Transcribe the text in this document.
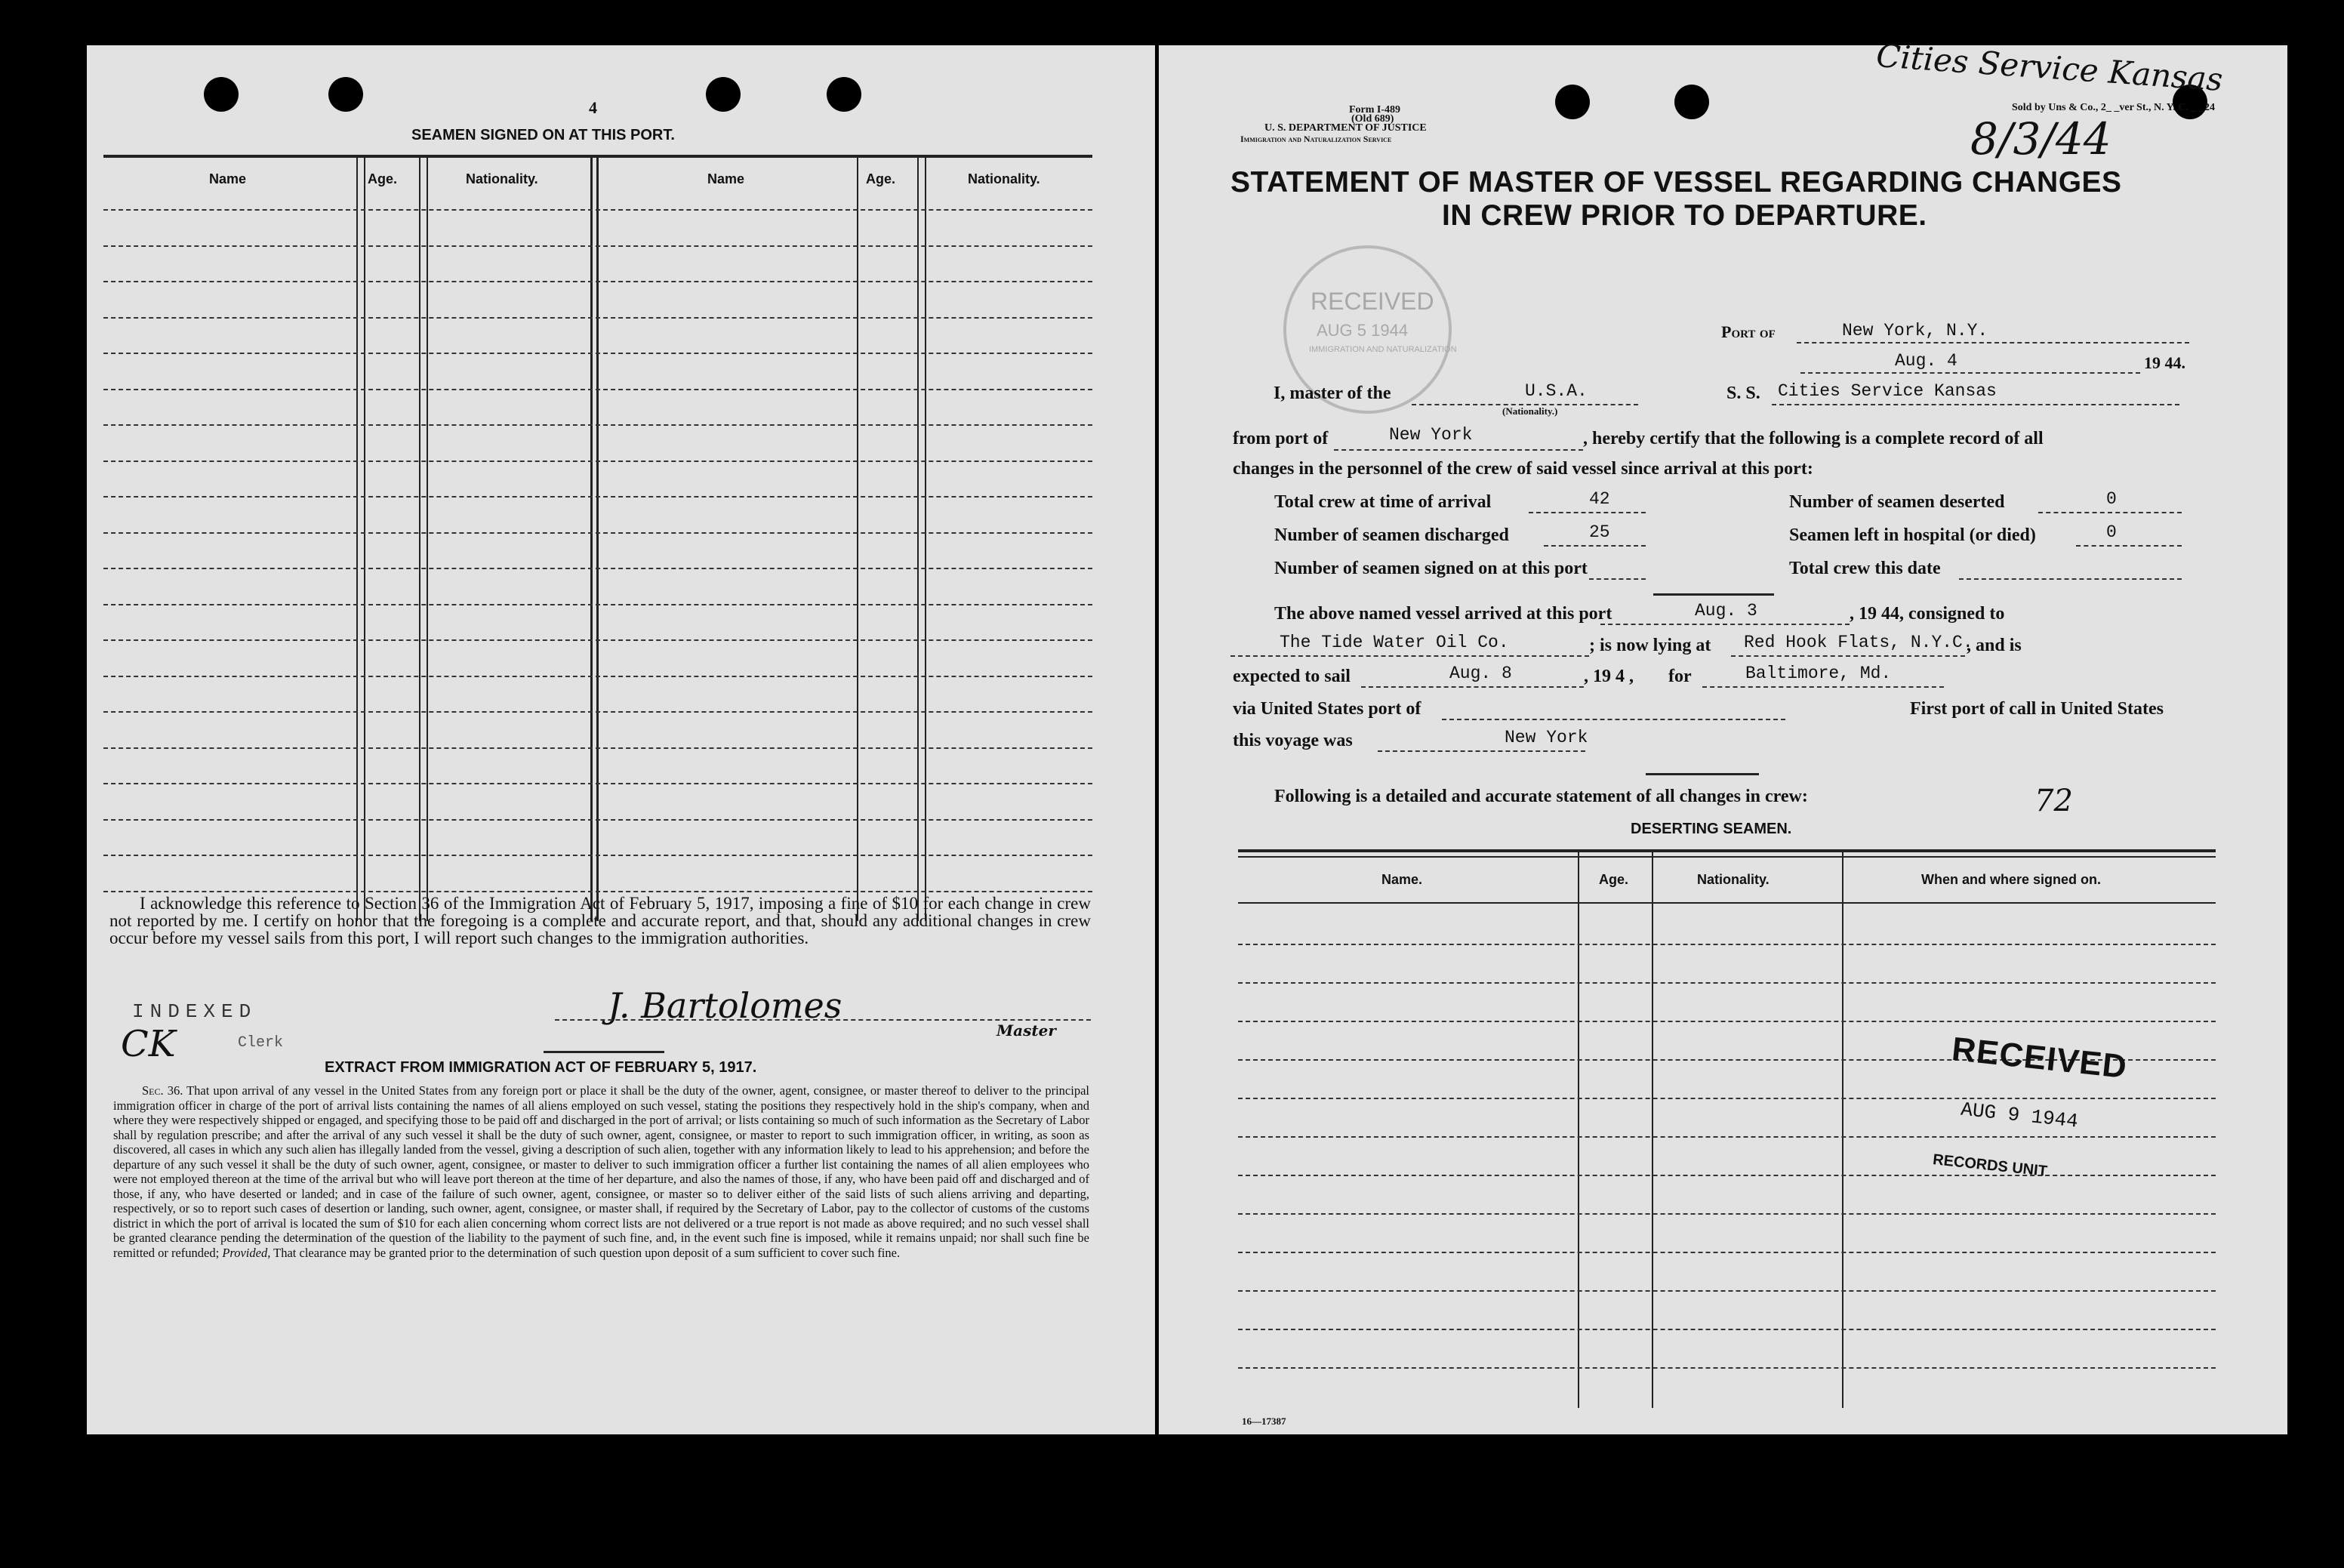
4
SEAMEN SIGNED ON AT THIS PORT.
Name	Age.	Nationality.	Name	Age.	Nationality.
I acknowledge this reference to Section 36 of the Immigration Act of February 5, 1917, imposing a fine of $10 for each change in crew not reported by me. I certify on honor that the foregoing is a complete and accurate report, and that, should any additional changes in crew occur before my vessel sails from this port, I will report such changes to the immigration authorities.
J. Bartolomes
Master
INDEXED
CK	Clerk
EXTRACT FROM IMMIGRATION ACT OF FEBRUARY 5, 1917.
Sec. 36. That upon arrival of any vessel in the United States from any foreign port or place it shall be the duty of the owner, agent, consignee, or master thereof to deliver to the principal immigration officer in charge of the port of arrival lists containing the names of all aliens employed on such vessel, stating the positions they respectively hold in the ship's company, when and where they were respectively shipped or engaged, and specifying those to be paid off and discharged in the port of arrival; or lists containing so much of such information as the Secretary of Labor shall by regulation prescribe; and after the arrival of any such vessel it shall be the duty of such owner, agent, consignee, or master to report to such immigration officer, in writing, as soon as discovered, all cases in which any such alien has illegally landed from the vessel, giving a description of such alien, together with any information likely to lead to his apprehension; and before the departure of any such vessel it shall be the duty of such owner, agent, consignee, or master to deliver to such immigration officer a further list containing the names of all alien employees who were not employed thereon at the time of the arrival but who will leave port thereon at the time of her departure, and also the names of those, if any, who have been paid off and discharged and of those, if any, who have deserted or landed; and in case of the failure of such owner, agent, consignee, or master so to deliver either of the said lists of such aliens arriving and departing, respectively, or so to report such cases of desertion or landing, such owner, agent, consignee, or master shall, if required by the Secretary of Labor, pay to the collector of customs of the customs district in which the port of arrival is located the sum of $10 for each alien concerning whom correct lists are not delivered or a true report is not made as above required; and no such vessel shall be granted clearance pending the determination of the question of the liability to the payment of such fine, and, in the event such fine is imposed, while it remains unpaid; nor shall such fine be remitted or refunded; Provided, That clearance may be granted prior to the determination of such question upon deposit of a sum sufficient to cover such fine.
Form I-489
(Old 689)
U. S. DEPARTMENT OF JUSTICE
Immigration and Naturalization Service
Sold by Uns & Co., 2_ _ver St., N. Y. C. _ _24
Cities Service Kansas
8/3/44
STATEMENT OF MASTER OF VESSEL REGARDING CHANGES
IN CREW PRIOR TO DEPARTURE.
RECEIVED
AUG 5 1944
IMMIGRATION AND NATURALIZATION
Port of	New York, N.Y.
Aug. 4	19 44.
I, master of the	U.S.A.
(Nationality.)
S. S. Cities Service Kansas
from port of	New York	, hereby certify that the following is a complete record of all
changes in the personnel of the crew of said vessel since arrival at this port:
Total crew at time of arrival	42	Number of seamen deserted	0
Number of seamen discharged	25	Seamen left in hospital (or died)	0
Number of seamen signed on at this port	Total crew this date
The above named vessel arrived at this port	Aug. 3	, 19 44, consigned to
The Tide Water Oil Co.	; is now lying at Red Hook Flats, N.Y.C.
, and is
expected to sail	Aug. 8	, 19 4 , for	Baltimore, Md.
via United States port of	First port of call in United States
this voyage was	New York
Following is a detailed and accurate statement of all changes in crew:	72
DESERTING SEAMEN.
Name.	Age.	Nationality.	When and where signed on.
RECEIVED
AUG 9 1944
RECORDS UNIT
16—17387
